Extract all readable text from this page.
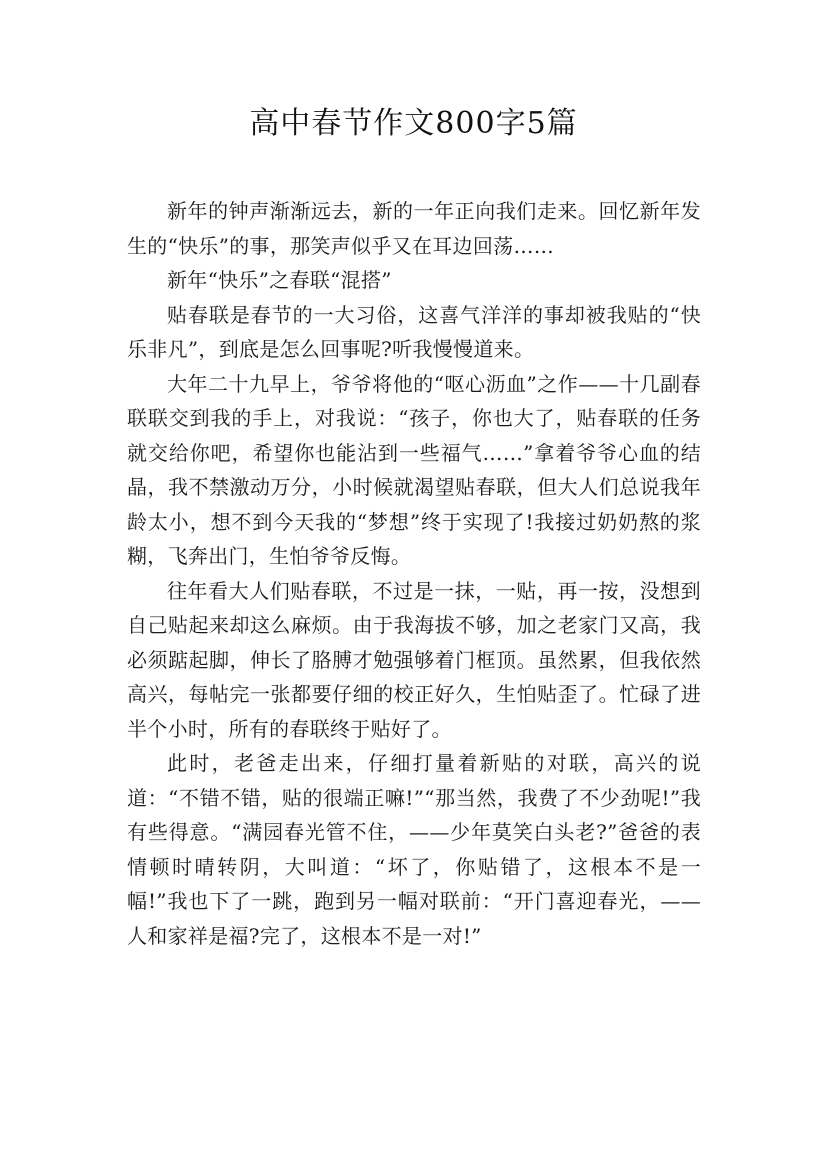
高中春节作文800字5篇

新年的钟声渐渐远去，新的一年正向我们走来。回忆新年发生的“快乐”的事，那笑声似乎又在耳边回荡……

新年“快乐”之春联“混搭”

贴春联是春节的一大习俗，这喜气洋洋的事却被我贴的“快乐非凡”，到底是怎么回事呢?听我慢慢道来。

大年二十九早上，爷爷将他的“呕心沥血”之作——十几副春联联交到我的手上，对我说：“孩子，你也大了，贴春联的任务就交给你吧，希望你也能沾到一些福气……”拿着爷爷心血的结晶，我不禁激动万分，小时候就渴望贴春联，但大人们总说我年龄太小，想不到今天我的“梦想”终于实现了!我接过奶奶熬的浆糊，飞奔出门，生怕爷爷反悔。

往年看大人们贴春联，不过是一抹，一贴，再一按，没想到自己贴起来却这么麻烦。由于我海拔不够，加之老家门又高，我必须踮起脚，伸长了胳膊才勉强够着门框顶。虽然累，但我依然高兴，每帖完一张都要仔细的校正好久，生怕贴歪了。忙碌了进半个小时，所有的春联终于贴好了。

此时，老爸走出来，仔细打量着新贴的对联，高兴的说道：“不错不错，贴的很端正嘛!”“那当然，我费了不少劲呢!”我有些得意。“满园春光管不住，——少年莫笑白头老?”爸爸的表情顿时晴转阴，大叫道：“坏了，你贴错了，这根本不是一幅!”我也下了一跳，跑到另一幅对联前：“开门喜迎春光，——人和家祥是福?完了，这根本不是一对!”
